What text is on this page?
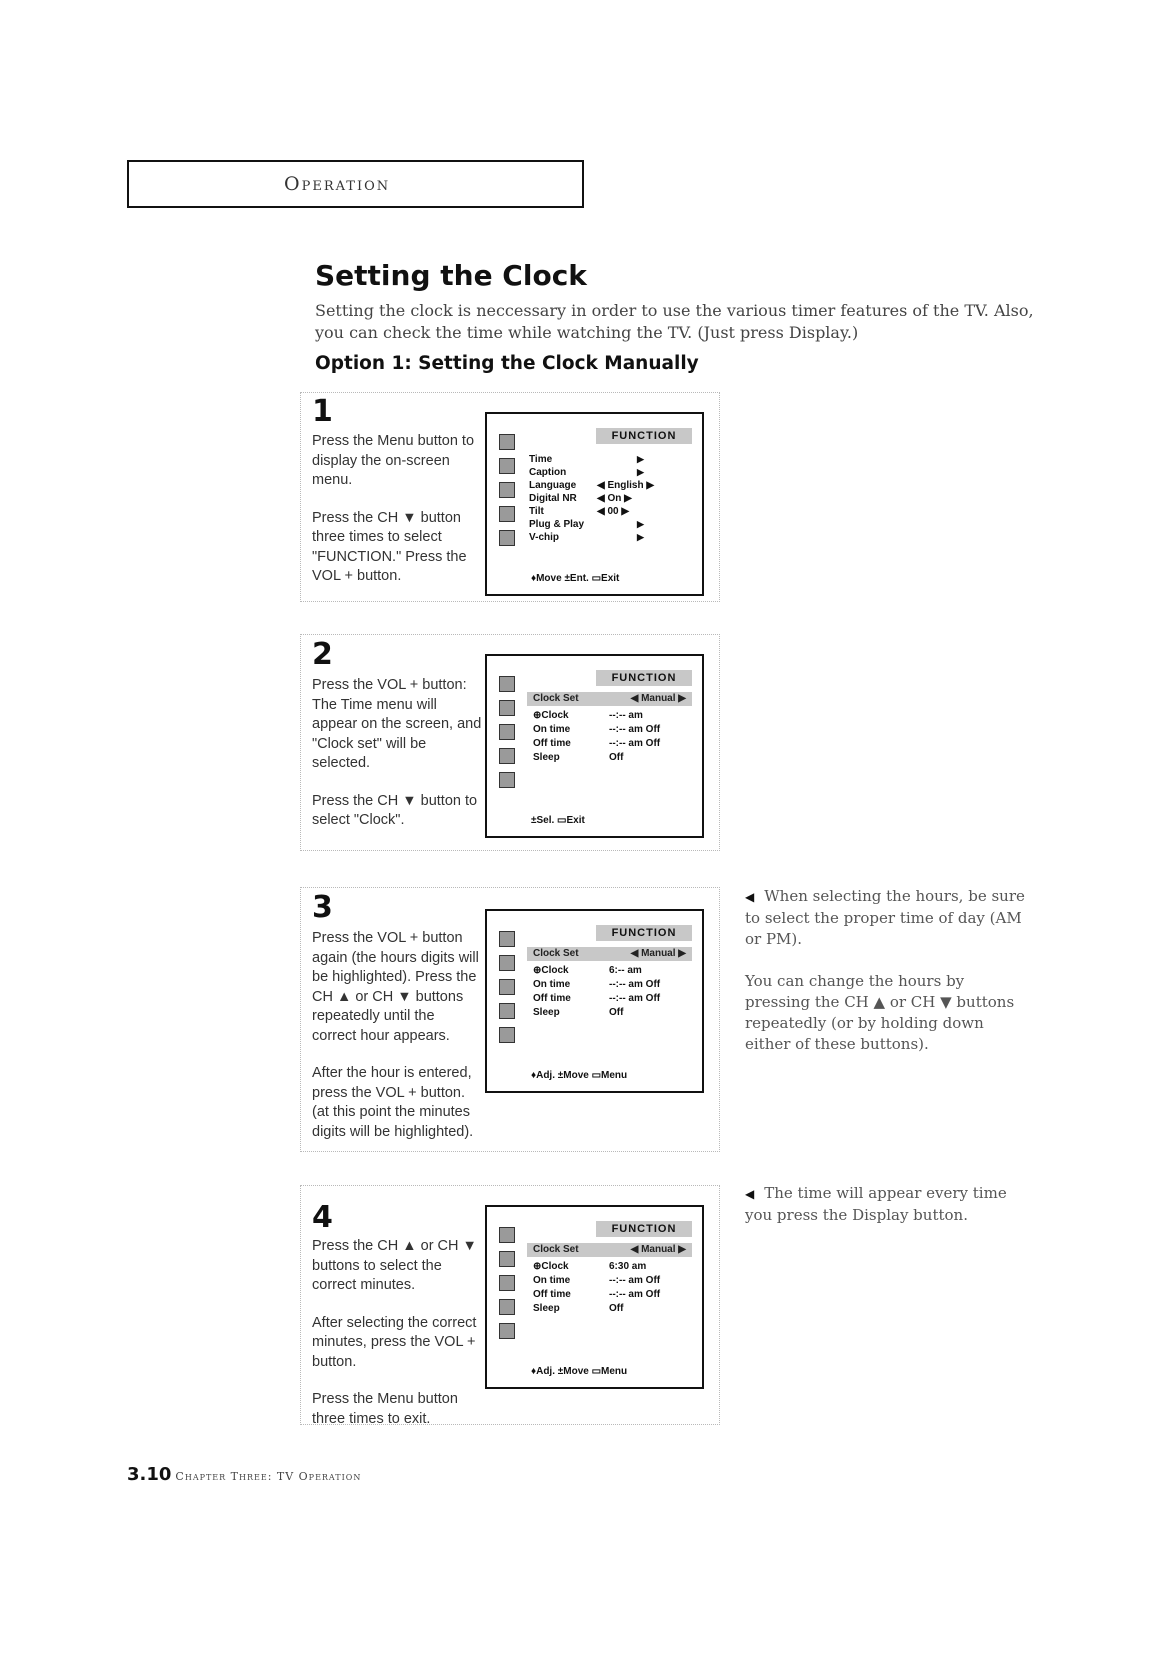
Operation
Setting the Clock
Setting the clock is neccessary in order to use the various timer features of the TV. Also, you can check the time while watching the TV. (Just press Display.)
Option 1: Setting the Clock Manually
1

Press the Menu button to display the on-screen menu.

Press the CH ▼ button three times to select "FUNCTION." Press the VOL + button.

FUNCTION
Time	▶
Caption	▶
Language ◀ English ▶
Digital NR ◀ On ▶
Tilt	◀ 00 ▶
Plug & Play	▶
V-chip	▶
♦Move ±Ent. ▭Exit
2

Press the VOL + button: The Time menu will appear on the screen, and "Clock set" will be selected.

Press the CH ▼ button to select "Clock".

FUNCTION
Clock Set	◀ Manual ▶
⊕Clock	--:-- am
On time	--:-- am Off
Off time	--:-- am Off
Sleep	Off
±Sel. ▭Exit
3

Press the VOL + button again (the hours digits will be highlighted). Press the CH ▲ or CH ▼ buttons repeatedly until the correct hour appears.

After the hour is entered, press the VOL + button. (at this point the minutes digits will be highlighted).

FUNCTION
Clock Set	◀ Manual ▶
⊕Clock	6:-- am
On time	--:-- am Off
Off time	--:-- am Off
Sleep	Off
♦Adj. ±Move ▭Menu
4

Press the CH ▲ or CH ▼ buttons to select the correct minutes.

After selecting the correct minutes, press the VOL + button.

Press the Menu button three times to exit.

FUNCTION
Clock Set	◀ Manual ▶
⊕Clock	6:30 am
On time	--:-- am Off
Off time	--:-- am Off
Sleep	Off
♦Adj. ±Move ▭Menu

◀ When selecting the hours, be sure to select the proper time of day (AM or PM).

You can change the hours by pressing the CH ▲ or CH ▼ buttons repeatedly (or by holding down either of these buttons).

◀ The time will appear every time you press the Display button.

3.10 Chapter Three: TV Operation
